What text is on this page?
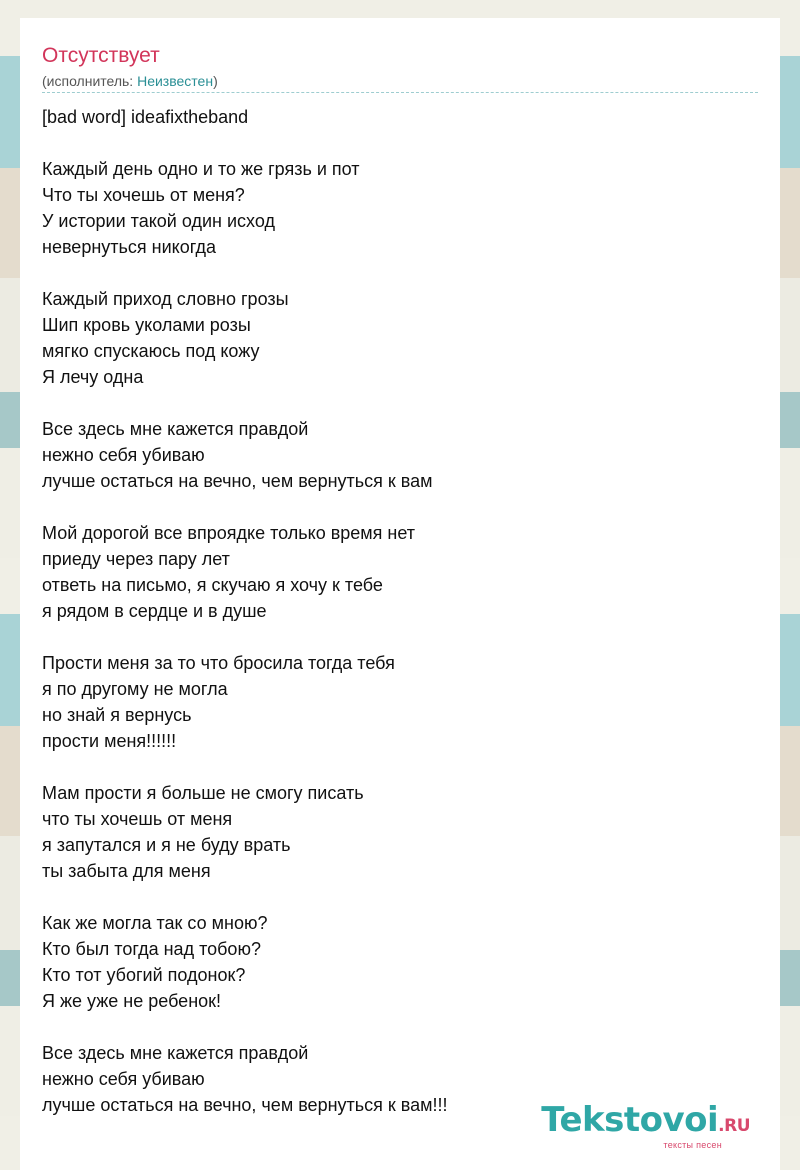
Отсутствует
(исполнитель: Неизвестен)
[bad word] ideafixtheband
Каждый день одно и то же грязь и пот
Что ты хочешь от меня?
У истории такой один исход
невернуться никогда
Каждый приход словно грозы
Шип кровь уколами розы
мягко спускаюсь под кожу
Я лечу одна
Все здесь мне кажется правдой
нежно себя убиваю
лучше остаться на вечно, чем вернуться к вам
Мой дорогой все впроядке только время нет
приеду через пару лет
ответь на письмо, я скучаю я хочу к тебе
я рядом в сердце и в душе
Прости меня за то что бросила тогда тебя
я по другому не могла
но знай я вернусь
прости меня!!!!!!
Мам прости я больше не смогу писать
что ты хочешь от меня
я запутался и я не буду врать
ты забыта для меня
Как же могла так со мною?
Кто был тогда над тобою?
Кто тот убогий подонок?
Я же уже не ребенок!
Все здесь мне кажется правдой
нежно себя убиваю
лучше остаться на вечно, чем вернуться к вам!!!	Tekstovoi.RU
тексты песен
